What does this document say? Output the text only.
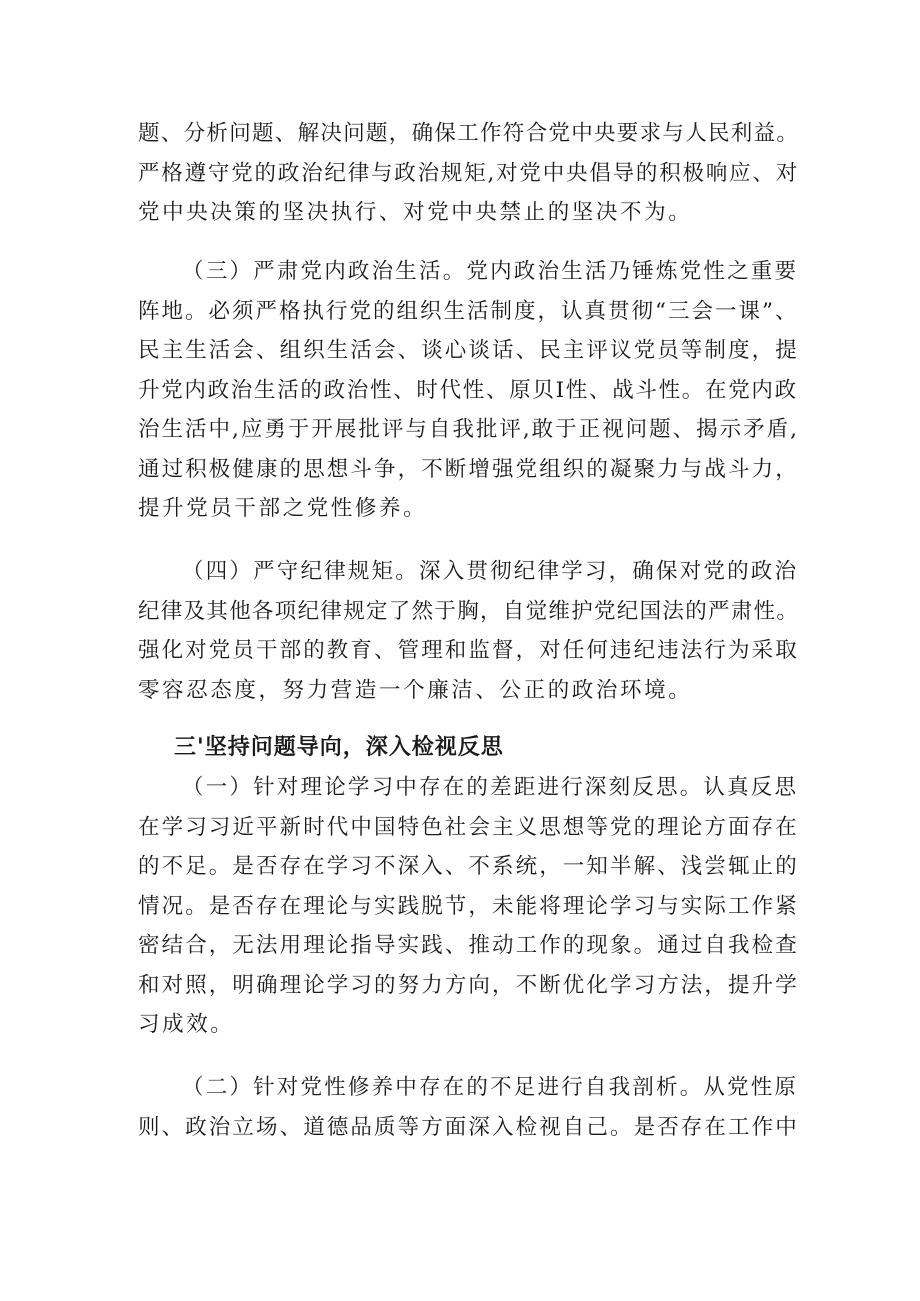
题、分析问题、解决问题，确保工作符合党中央要求与人民利益。
严格遵守党的政治纪律与政治规矩,对党中央倡导的积极响应、对
党中央决策的坚决执行、对党中央禁止的坚决不为。
（三）严肃党内政治生活。党内政治生活乃锤炼党性之重要
阵地。必须严格执行党的组织生活制度，认真贯彻“三会一课”、
民主生活会、组织生活会、谈心谈话、民主评议党员等制度，提
升党内政治生活的政治性、时代性、原贝I性、战斗性。在党内政
治生活中,应勇于开展批评与自我批评,敢于正视问题、揭示矛盾,
通过积极健康的思想斗争，不断增强党组织的凝聚力与战斗力，
提升党员干部之党性修养。
（四）严守纪律规矩。深入贯彻纪律学习，确保对党的政治
纪律及其他各项纪律规定了然于胸，自觉维护党纪国法的严肃性。
强化对党员干部的教育、管理和监督，对任何违纪违法行为采取
零容忍态度，努力营造一个廉洁、公正的政治环境。
三'坚持问题导向，深入检视反思
（一）针对理论学习中存在的差距进行深刻反思。认真反思
在学习习近平新时代中国特色社会主义思想等党的理论方面存在
的不足。是否存在学习不深入、不系统，一知半解、浅尝辄止的
情况。是否存在理论与实践脱节，未能将理论学习与实际工作紧
密结合，无法用理论指导实践、推动工作的现象。通过自我检查
和对照，明确理论学习的努力方向，不断优化学习方法，提升学
习成效。
（二）针对党性修养中存在的不足进行自我剖析。从党性原
则、政治立场、道德品质等方面深入检视自己。是否存在工作中
